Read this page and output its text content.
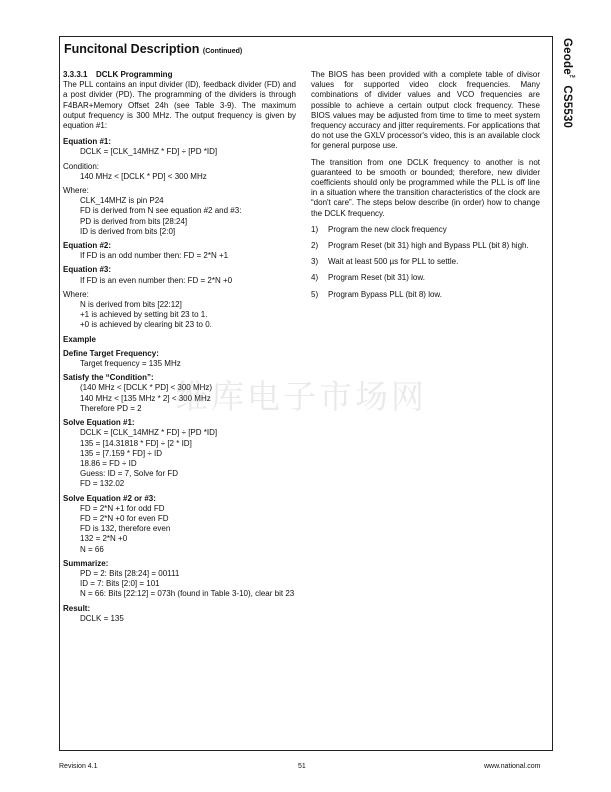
Geode™ CS5530
Funcitonal Description (Continued)
3.3.3.1 DCLK Programming

The PLL contains an input divider (ID), feedback divider (FD) and a post divider (PD). The programming of the dividers is through F4BAR+Memory Offset 24h (see Table 3-9). The maximum output frequency is 300 MHz. The output frequency is given by equation #1:

Equation #1:
DCLK = [CLK_14MHZ * FD] ÷ [PD *ID]
Condition:
140 MHz < [DCLK * PD] < 300 MHz
Where:
CLK_14MHZ is pin P24
FD is derived from N see equation #2 and #3:
PD is derived from bits [28:24]
ID is derived from bits [2:0]
Equation #2:
If FD is an odd number then: FD = 2*N +1
Equation #3:
If FD is an even number then: FD = 2*N +0
Where:
N is derived from bits [22:12]
+1 is achieved by setting bit 23 to 1.
+0 is achieved by clearing bit 23 to 0.
Example
Define Target Frequency:
Target frequency = 135 MHz
Satisfy the “Condition”:
(140 MHz < [DCLK * PD] < 300 MHz)
140 MHz < [135 MHz * 2] < 300 MHz
Therefore PD = 2
Solve Equation #1:
DCLK = [CLK_14MHZ * FD] ÷ [PD *ID]
135 = [14.31818 * FD] ÷ [2 * ID]
135 = [7.159 * FD] ÷ ID
18.86 = FD ÷ ID
Guess: ID = 7, Solve for FD
FD = 132.02
Solve Equation #2 or #3:
FD = 2*N +1 for odd FD
FD = 2*N +0 for even FD
FD is 132, therefore even
132 = 2*N +0
N = 66
Summarize:
PD = 2: Bits [28:24] = 00111
ID = 7: Bits [2:0] = 101
N = 66: Bits [22:12] = 073h (found in Table 3-10), clear bit 23
Result:
DCLK = 135

The BIOS has been provided with a complete table of divisor values for supported video clock frequencies. Many combinations of divider values and VCO frequencies are possible to achieve a certain output clock frequency. These BIOS values may be adjusted from time to time to meet system frequency accuracy and jitter requirements. For applications that do not use the GXLV processor's video, this is an available clock for general purpose use.

The transition from one DCLK frequency to another is not guaranteed to be smooth or bounded; therefore, new divider coefficients should only be programmed while the PLL is off line in a situation where the transition characteristics of the clock are “don't care”. The steps below describe (in order) how to change the DCLK frequency.

1)	Program the new clock frequency
2)	Program Reset (bit 31) high and Bypass PLL (bit 8) high.
3)	Wait at least 500 µs for PLL to settle.
4)	Program Reset (bit 31) low.
5)	Program Bypass PLL (bit 8) low.
维库电子市场网
Revision 4.1	51	www.national.com
